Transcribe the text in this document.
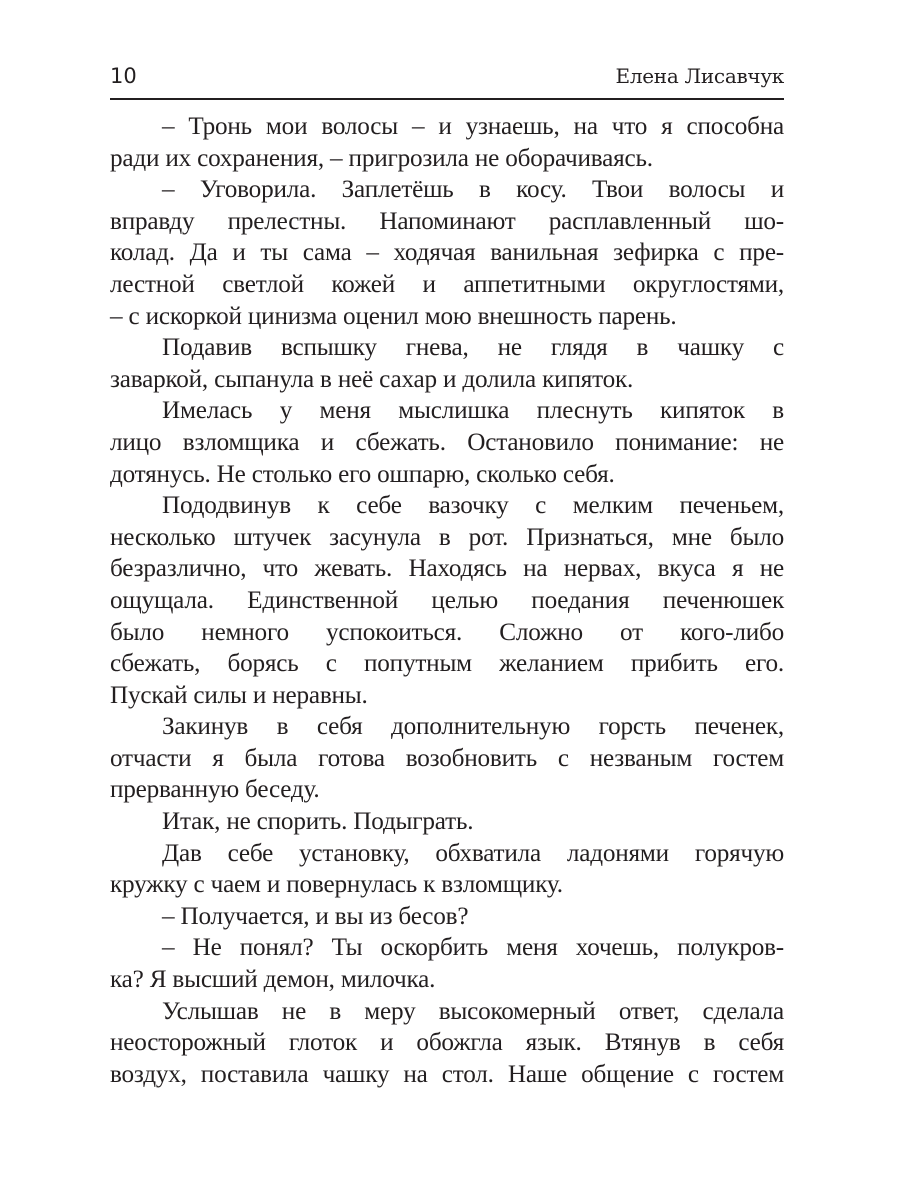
10	Елена Лисавчук
– Тронь мои волосы – и узнаешь, на что я способна
ради их сохранения, – пригрозила не оборачиваясь.
– Уговорила. Заплетёшь в косу. Твои волосы и
вправду прелестны. Напоминают расплавленный шо-
колад. Да и ты сама – ходячая ванильная зефирка с пре-
лестной светлой кожей и аппетитными округлостями,
– с искоркой цинизма оценил мою внешность парень.
Подавив вспышку гнева, не глядя в чашку с
заваркой, сыпанула в неё сахар и долила кипяток.
Имелась у меня мыслишка плеснуть кипяток в
лицо взломщика и сбежать. Остановило понимание: не
дотянусь. Не столько его ошпарю, сколько себя.
Пододвинув к себе вазочку с мелким печеньем,
несколько штучек засунула в рот. Признаться, мне было
безразлично, что жевать. Находясь на нервах, вкуса я не
ощущала. Единственной целью поедания печенюшек
было немного успокоиться. Сложно от кого-либо
сбежать, борясь с попутным желанием прибить его.
Пускай силы и неравны.
Закинув в себя дополнительную горсть печенек,
отчасти я была готова возобновить с незваным гостем
прерванную беседу.
Итак, не спорить. Подыграть.
Дав себе установку, обхватила ладонями горячую
кружку с чаем и повернулась к взломщику.
– Получается, и вы из бесов?
– Не понял? Ты оскорбить меня хочешь, полукров-
ка? Я высший демон, милочка.
Услышав не в меру высокомерный ответ, сделала
неосторожный глоток и обожгла язык. Втянув в себя
воздух, поставила чашку на стол. Наше общение с гостем
